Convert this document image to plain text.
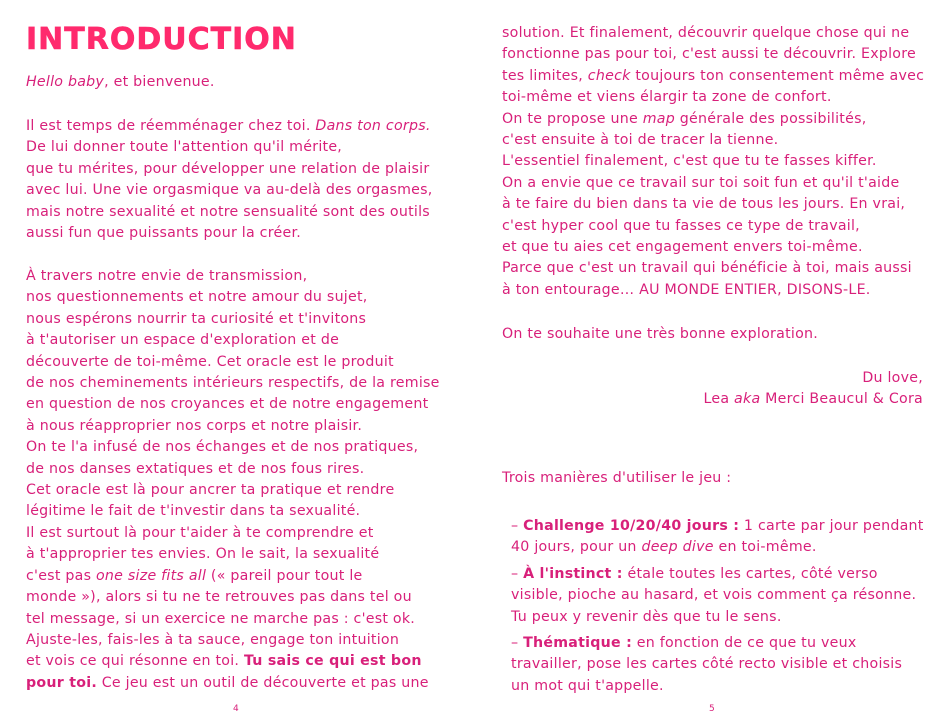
INTRODUCTION

Hello baby, et bienvenue.

Il est temps de réemménager chez toi. Dans ton corps.
De lui donner toute l'attention qu'il mérite,
que tu mérites, pour développer une relation de plaisir
avec lui. Une vie orgasmique va au-delà des orgasmes,
mais notre sexualité et notre sensualité sont des outils
aussi fun que puissants pour la créer.

À travers notre envie de transmission,
nos questionnements et notre amour du sujet,
nous espérons nourrir ta curiosité et t'invitons
à t'autoriser un espace d'exploration et de
découverte de toi-même. Cet oracle est le produit
de nos cheminements intérieurs respectifs, de la remise
en question de nos croyances et de notre engagement
à nous réapproprier nos corps et notre plaisir.
On te l'a infusé de nos échanges et de nos pratiques,
de nos danses extatiques et de nos fous rires.
Cet oracle est là pour ancrer ta pratique et rendre
légitime le fait de t'investir dans ta sexualité.
Il est surtout là pour t'aider à te comprendre et
à t'approprier tes envies. On le sait, la sexualité
c'est pas one size fits all (« pareil pour tout le
monde »), alors si tu ne te retrouves pas dans tel ou
tel message, si un exercice ne marche pas : c'est ok.
Ajuste-les, fais-les à ta sauce, engage ton intuition
et vois ce qui résonne en toi. Tu sais ce qui est bon
pour toi. Ce jeu est un outil de découverte et pas une

4

solution. Et finalement, découvrir quelque chose qui ne
fonctionne pas pour toi, c'est aussi te découvrir. Explore
tes limites, check toujours ton consentement même avec
toi-même et viens élargir ta zone de confort.
On te propose une map générale des possibilités,
c'est ensuite à toi de tracer la tienne.
L'essentiel finalement, c'est que tu te fasses kiffer.
On a envie que ce travail sur toi soit fun et qu'il t'aide
à te faire du bien dans ta vie de tous les jours. En vrai,
c'est hyper cool que tu fasses ce type de travail,
et que tu aies cet engagement envers toi-même.
Parce que c'est un travail qui bénéficie à toi, mais aussi
à ton entourage… AU MONDE ENTIER, DISONS-LE.

On te souhaite une très bonne exploration.

Du love,
Lea aka Merci Beaucul & Cora

Trois manières d'utiliser le jeu :

– Challenge 10/20/40 jours : 1 carte par jour pendant
40 jours, pour un deep dive en toi-même.
– À l'instinct : étale toutes les cartes, côté verso
visible, pioche au hasard, et vois comment ça résonne.
Tu peux y revenir dès que tu le sens.
– Thématique : en fonction de ce que tu veux
travailler, pose les cartes côté recto visible et choisis
un mot qui t'appelle.
5
